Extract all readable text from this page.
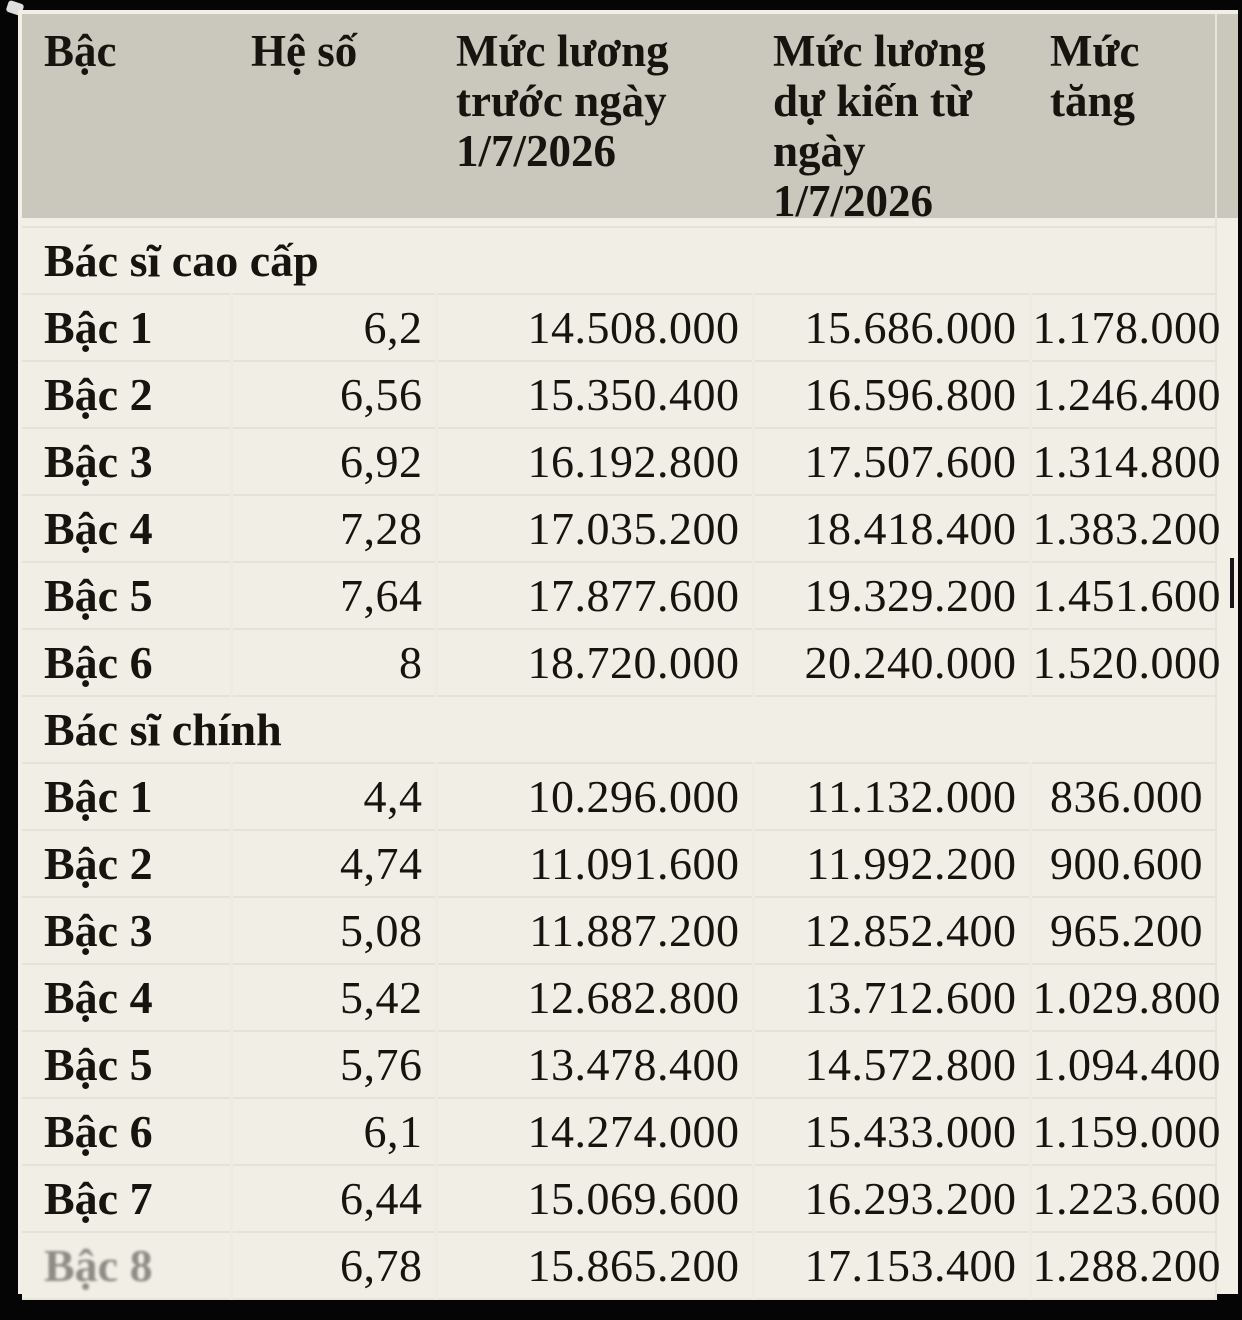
Bậc	Hệ số	Mức lương trước ngày 1/7/2026	Mức lương dự kiến từ ngày 1/7/2026	Mức tăng
Bác sĩ cao cấp				
Bậc 1	6,2	14.508.000	15.686.000	1.178.000
Bậc 2	6,56	15.350.400	16.596.800	1.246.400
Bậc 3	6,92	16.192.800	17.507.600	1.314.800
Bậc 4	7,28	17.035.200	18.418.400	1.383.200
Bậc 5	7,64	17.877.600	19.329.200	1.451.600
Bậc 6	8	18.720.000	20.240.000	1.520.000
Bác sĩ chính				
Bậc 1	4,4	10.296.000	11.132.000	836.000
Bậc 2	4,74	11.091.600	11.992.200	900.600
Bậc 3	5,08	11.887.200	12.852.400	965.200
Bậc 4	5,42	12.682.800	13.712.600	1.029.800
Bậc 5	5,76	13.478.400	14.572.800	1.094.400
Bậc 6	6,1	14.274.000	15.433.000	1.159.000
Bậc 7	6,44	15.069.600	16.293.200	1.223.600
Bậc 8	6,78	15.865.200	17.153.400	1.288.200
